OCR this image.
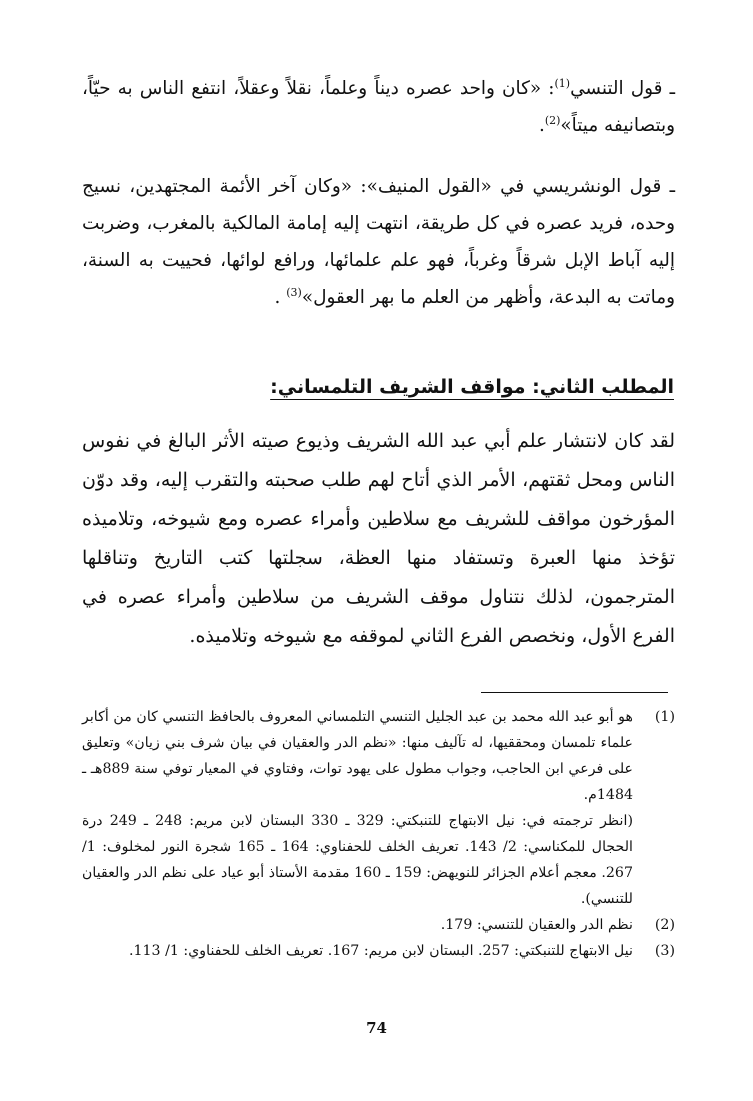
ـ قول التنسي$^{(1)}$: «كان واحد عصره ديناً وعلماً، نقلاً وعقلاً، انتفع الناس به حيّاً، وبتصانيفه ميتاً»$^{(2)}$.

ـ قول الونشريسي في «القول المنيف»: «وكان آخر الأئمة المجتهدين، نسيج وحده، فريد عصره في كل طريقة، انتهت إليه إمامة المالكية بالمغرب، وضربت إليه آباط الإبل شرقاً وغرباً، فهو علم علمائها، ورافع لوائها، فحييت به السنة، وماتت به البدعة، وأظهر من العلم ما بهر العقول»$^{(3)}$ .

المطلب الثاني: مواقف الشريف التلمساني:

لقد كان لانتشار علم أبي عبد الله الشريف وذيوع صيته الأثر البالغ في نفوس الناس ومحل ثقتهم، الأمر الذي أتاح لهم طلب صحبته والتقرب إليه، وقد دوّن المؤرخون مواقف للشريف مع سلاطين وأمراء عصره ومع شيوخه، وتلاميذه تؤخذ منها العبرة وتستفاد منها العظة، سجلتها كتب التاريخ وتناقلها المترجمون، لذلك نتناول موقف الشريف من سلاطين وأمراء عصره في الفرع الأول، ونخصص الفرع الثاني لموقفه مع شيوخه وتلاميذه.

(1)

هو أبو عبد الله محمد بن عبد الجليل التنسي التلمساني المعروف بالحافظ التنسي كان من أكابر علماء تلمسان ومحققيها، له تآليف منها: «نظم الدر والعقيان في بيان شرف بني زيان» وتعليق على فرعي ابن الحاجب، وجواب مطول على يهود توات، وفتاوي في المعيار توفي سنة 889هـ ـ 1484م.

(انظر ترجمته في: نيل الابتهاج للتنبكتي: 329 ـ 330 البستان لابن مريم: 248 ـ 249 درة الحجال للمكناسي: 2/ 143. تعريف الخلف للحفناوي: 164 ـ 165 شجرة النور لمخلوف: 1/ 267. معجم أعلام الجزائر للنويهض: 159 ـ 160 مقدمة الأستاذ أبو عياد على نظم الدر والعقيان للتنسي).

(2)

نظم الدر والعقيان للتنسي: 179.

(3)

نيل الابتهاج للتنبكتي: 257. البستان لابن مريم: 167. تعريف الخلف للحفناوي: 1/ 113.

74
